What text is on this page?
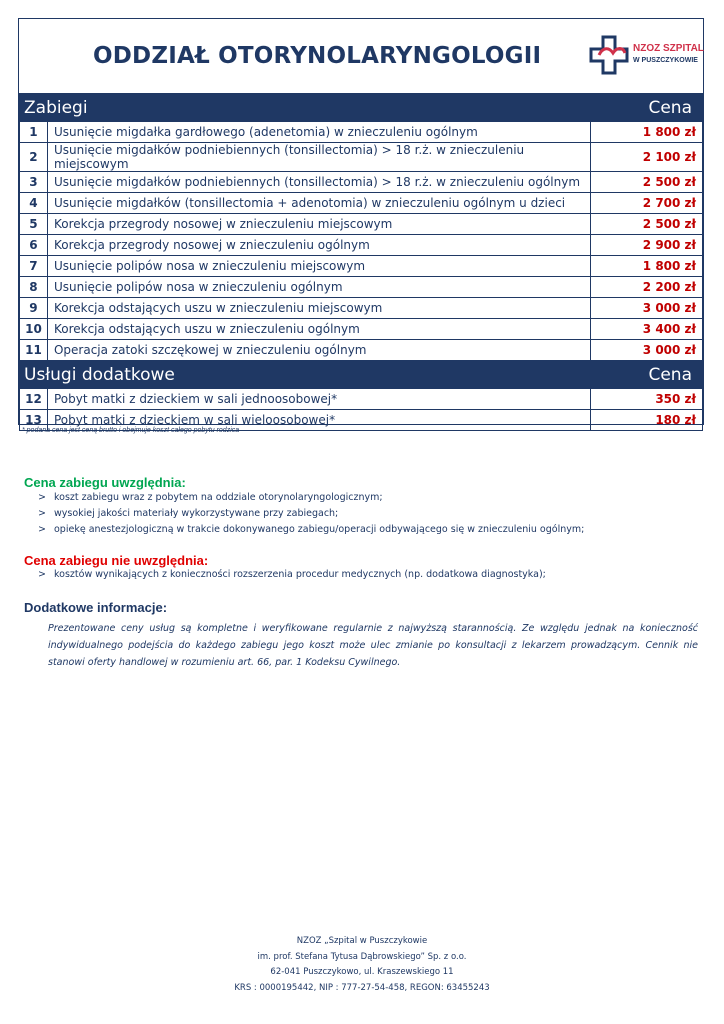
ODDZIAŁ OTORYNOLARYNGOLOGII	NZOZ SZPITAL
W PUSZCZYKOWIE
Zabiegi		Cena
1	Usunięcie migdałka gardłowego (adenetomia) w znieczuleniu ogólnym	1 800 zł
2	Usunięcie migdałków podniebiennych (tonsillectomia) > 18 r.ż. w znieczuleniu miejscowym	2 100 zł
3	Usunięcie migdałków podniebiennych (tonsillectomia) > 18 r.ż. w znieczuleniu ogólnym	2 500 zł
4	Usunięcie migdałków (tonsillectomia + adenotomia) w znieczuleniu ogólnym u dzieci	2 700 zł
5	Korekcja przegrody nosowej w znieczuleniu miejscowym	2 500 zł
6	Korekcja przegrody nosowej w znieczuleniu ogólnym	2 900 zł
7	Usunięcie polipów nosa w znieczuleniu miejscowym	1 800 zł
8	Usunięcie polipów nosa w znieczuleniu ogólnym	2 200 zł
9	Korekcja odstających uszu w znieczuleniu miejscowym	3 000 zł
10	Korekcja odstających uszu w znieczuleniu ogólnym	3 400 zł
11	Operacja zatoki szczękowej w znieczuleniu ogólnym	3 000 zł
Usługi dodatkowe		Cena
12	Pobyt matki z dzieckiem w sali jednoosobowej*	350 zł
13	Pobyt matki z dzieckiem w sali wieloosobowej*	180 zł
* podana cena jest ceną brutto i obejmuje koszt całego pobytu rodzica
Cena zabiegu uwzględnia:
> koszt zabiegu wraz z pobytem na oddziale otorynolaryngologicznym;
> wysokiej jakości materiały wykorzystywane przy zabiegach;
> opiekę anestezjologiczną w trakcie dokonywanego zabiegu/operacji odbywającego się w znieczuleniu ogólnym;
Cena zabiegu nie uwzględnia:
> kosztów wynikających z konieczności rozszerzenia procedur medycznych (np. dodatkowa diagnostyka);
Dodatkowe informacje:
Prezentowane ceny usług są kompletne i weryfikowane regularnie z najwyższą starannością. Ze względu jednak na konieczność indywidualnego podejścia do każdego zabiegu jego koszt może ulec zmianie po konsultacji z lekarzem prowadzącym. Cennik nie stanowi oferty handlowej w rozumieniu art. 66, par. 1 Kodeksu Cywilnego.
NZOZ „Szpital w Puszczykowie
im. prof. Stefana Tytusa Dąbrowskiego” Sp. z o.o.
62-041 Puszczykowo, ul. Kraszewskiego 11
KRS : 0000195442, NIP : 777-27-54-458, REGON: 63455243
